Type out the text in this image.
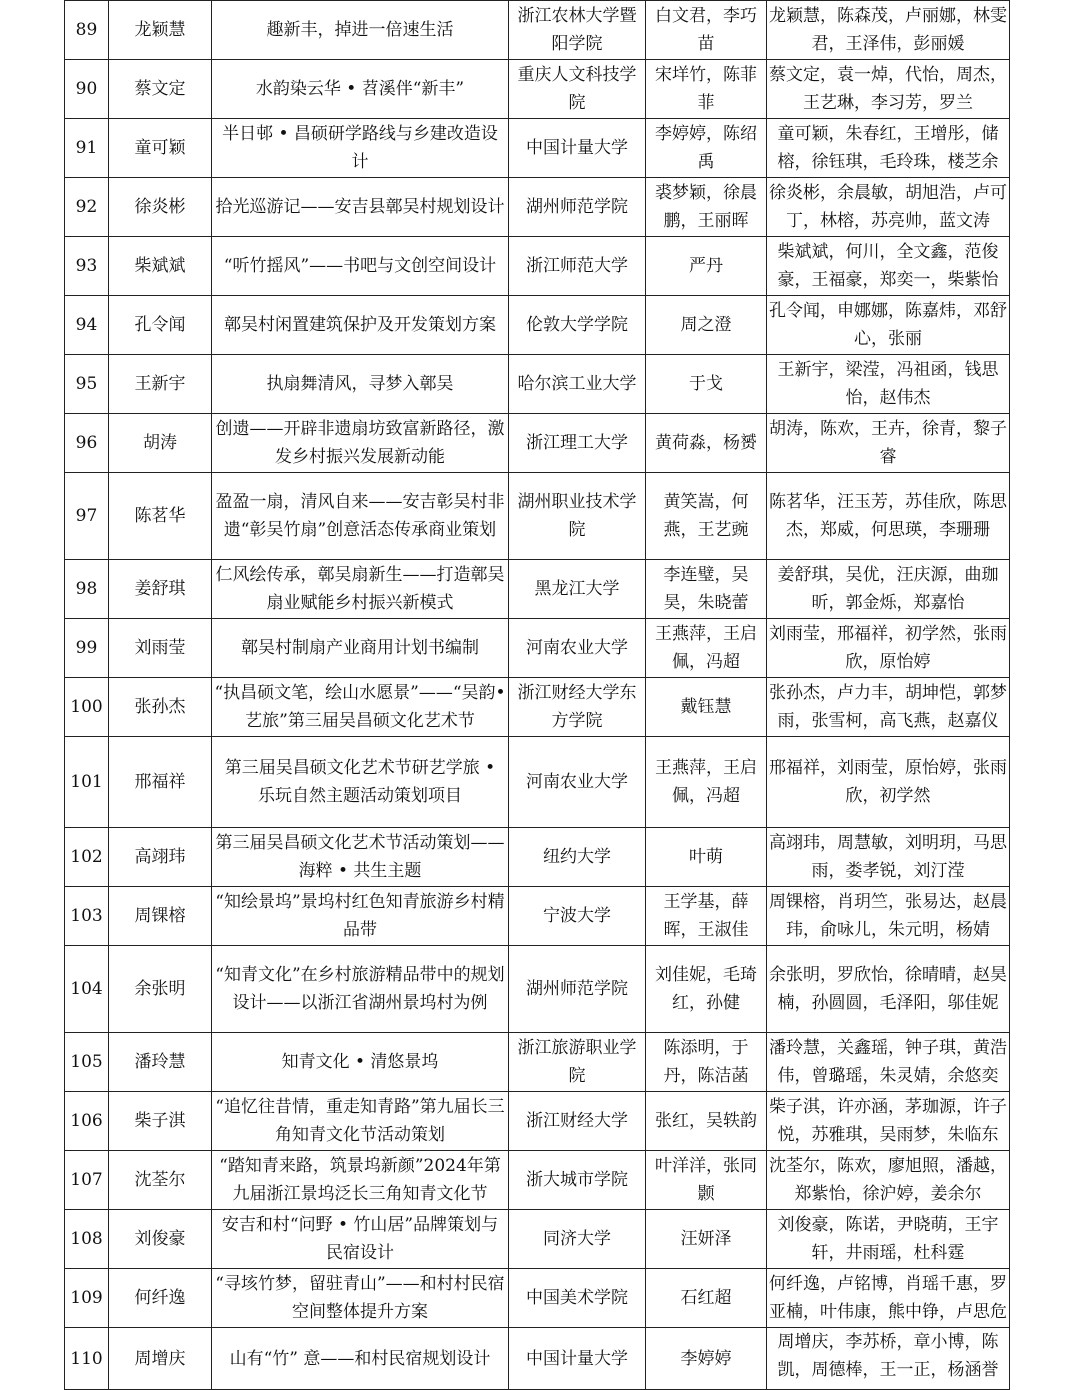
89	龙颖慧	趣新丰，掉进一倍速生活	浙江农林大学暨阳学院	白文君，李巧苗	龙颖慧，陈森茂，卢丽娜，林雯君，王泽伟，彭丽媛
90	蔡文定	水韵染云华 • 苕溪伴“新丰”	重庆人文科技学院	宋垟竹，陈菲菲	蔡文定，袁一焯，代怡，周杰，王艺琳，李习芳，罗兰
91	童可颖	半日邨 • 昌硕研学路线与乡建改造设计	中国计量大学	李婷婷，陈绍禹	童可颖，朱春红，王增彤，储榕，徐钰琪，毛玲珠，楼芝余
92	徐炎彬	拾光巡游记——安吉县鄣吴村规划设计	湖州师范学院	裘梦颖，徐晨鹏，王丽晖	徐炎彬，余晨敏，胡旭浩，卢可丁，林榕，苏亮帅，蓝文涛
93	柴斌斌	“听竹摇风”——书吧与文创空间设计	浙江师范大学	严丹	柴斌斌，何川，全文鑫，范俊豪，王福豪，郑奕一，柴紫怡
94	孔令闻	鄣吴村闲置建筑保护及开发策划方案	伦敦大学学院	周之澄	孔令闻，申娜娜，陈嘉炜，邓舒心，张丽
95	王新宇	执扇舞清风，寻梦入鄣吴	哈尔滨工业大学	于戈	王新宇，梁滢，冯祖函，钱思怡，赵伟杰
96	胡涛	创遗——开辟非遗扇坊致富新路径，激发乡村振兴发展新动能	浙江理工大学	黄荷淼，杨赟	胡涛，陈欢，王卉，徐青，黎子睿
97	陈茗华	盈盈一扇，清风自来——安吉彰吴村非遗“彰吴竹扇”创意活态传承商业策划	湖州职业技术学院	黄笑嵩，何燕，王艺豌	陈茗华，汪玉芳，苏佳欣，陈思杰，郑威，何思瑛，李珊珊
98	姜舒琪	仁风绘传承，鄣吴扇新生——打造鄣吴扇业赋能乡村振兴新模式	黑龙江大学	李连璧，吴昊，朱晓蕾	姜舒琪，吴优，汪庆源，曲珈昕，郭金烁，郑嘉怡
99	刘雨莹	鄣吴村制扇产业商用计划书编制	河南农业大学	王燕萍，王启佩，冯超	刘雨莹，邢福祥，初学然，张雨欣，原怡婷
100	张孙杰	“执昌硕文笔，绘山水愿景”——“吴韵•艺旅”第三届吴昌硕文化艺术节	浙江财经大学东方学院	戴钰慧	张孙杰，卢力丰，胡坤恺，郭梦雨，张雪柯，高飞燕，赵嘉仪
101	邢福祥	第三届吴昌硕文化艺术节研艺学旅 • 乐玩自然主题活动策划项目	河南农业大学	王燕萍，王启佩，冯超	邢福祥，刘雨莹，原怡婷，张雨欣，初学然
102	高翊玮	第三届吴昌硕文化艺术节活动策划——海粹 • 共生主题	纽约大学	叶萌	高翊玮，周慧敏，刘明玥，马思雨，娄孝锐，刘汀滢
103	周锞榕	“知绘景坞”景坞村红色知青旅游乡村精品带	宁波大学	王学基，薛晖，王淑佳	周锞榕，肖玥竺，张易达，赵晨玮，俞咏儿，朱元明，杨婧
104	余张明	“知青文化”在乡村旅游精品带中的规划设计——以浙江省湖州景坞村为例	湖州师范学院	刘佳妮，毛琦红，孙健	余张明，罗欣怡，徐晴晴，赵昊楠，孙圆圆，毛泽阳，邬佳妮
105	潘玲慧	知青文化 • 清悠景坞	浙江旅游职业学院	陈添明，于丹，陈洁菡	潘玲慧，关鑫瑶，钟子琪，黄浩伟，曾璐瑶，朱灵婧，余悠奕
106	柴子淇	“追忆往昔情，重走知青路”第九届长三角知青文化节活动策划	浙江财经大学	张红，吴轶韵	柴子淇，许亦涵，茅珈源，许子悦，苏雅琪，吴雨梦，朱临东
107	沈荃尔	“踏知青来路，筑景坞新颜”2024年第九届浙江景坞泛长三角知青文化节	浙大城市学院	叶洋洋，张同颢	沈荃尔，陈欢，廖旭照，潘越，郑紫怡，徐沪婷，姜余尔
108	刘俊豪	安吉和村“问野 • 竹山居”品牌策划与民宿设计	同济大学	汪妍泽	刘俊豪，陈诺，尹晓萌，王宇轩，井雨瑶，杜科霆
109	何纤逸	“寻垓竹梦，留驻青山”——和村村民宿空间整体提升方案	中国美术学院	石红超	何纤逸，卢铭博，肖瑶千惠，罗亚楠，叶伟康，熊中铮，卢思危
110	周增庆	山有“竹” 意——和村民宿规划设计	中国计量大学	李婷婷	周增庆，李苏桥，章小博，陈凯，周德棒，王一正，杨涵誉
